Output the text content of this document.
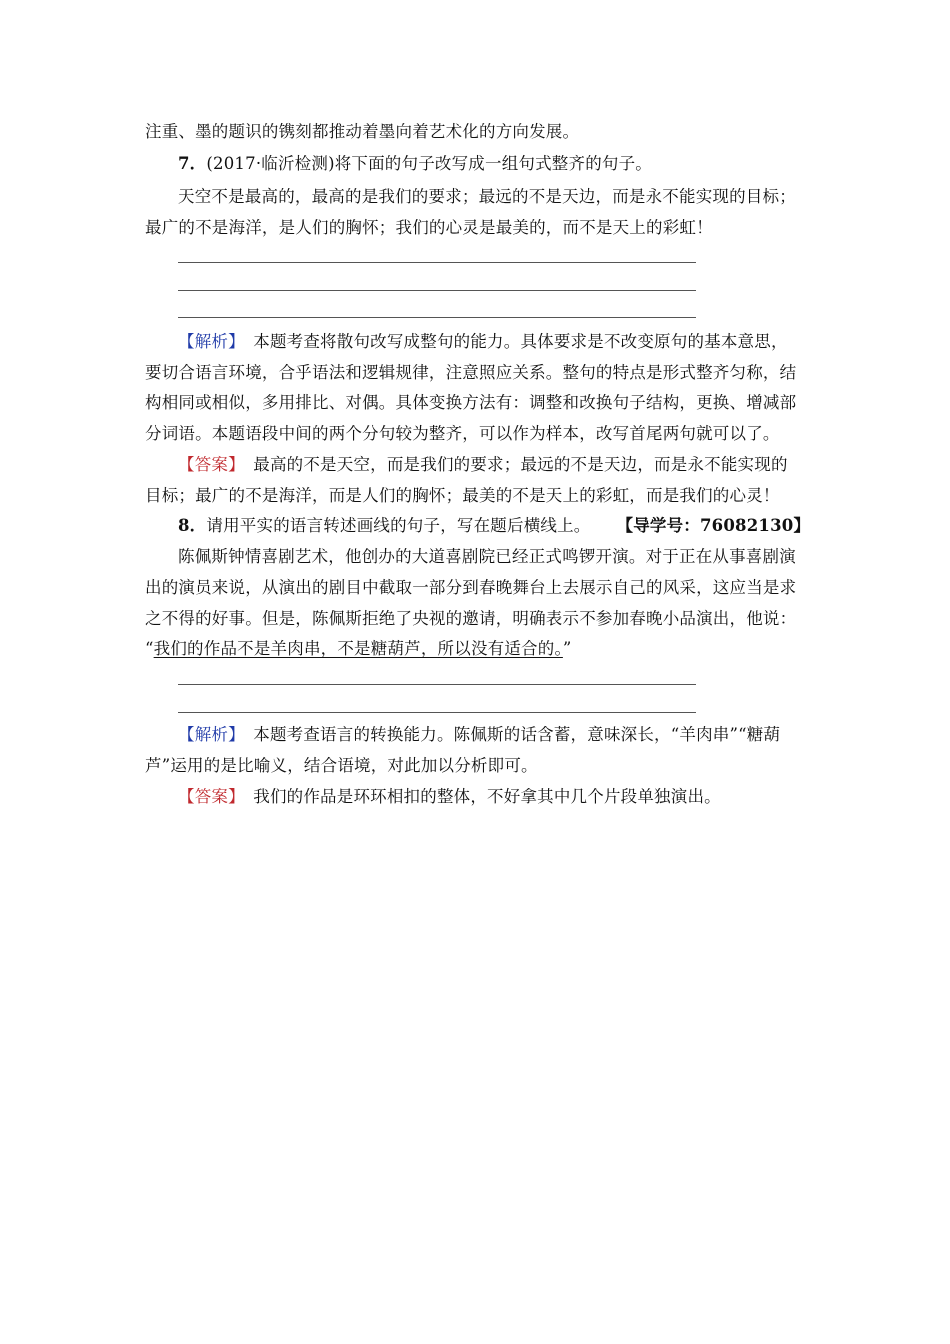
注重、墨的题识的镌刻都推动着墨向着艺术化的方向发展。
7．(2017·临沂检测)将下面的句子改写成一组句式整齐的句子。
天空不是最高的，最高的是我们的要求；最远的不是天边，而是永不能实现的目标；
最广的不是海洋，是人们的胸怀；我们的心灵是最美的，而不是天上的彩虹！
【解析】　本题考查将散句改写成整句的能力。具体要求是不改变原句的基本意思，
要切合语言环境，合乎语法和逻辑规律，注意照应关系。整句的特点是形式整齐匀称，结
构相同或相似，多用排比、对偶。具体变换方法有：调整和改换句子结构，更换、增减部
分词语。本题语段中间的两个分句较为整齐，可以作为样本，改写首尾两句就可以了。
【答案】　最高的不是天空，而是我们的要求；最远的不是天边，而是永不能实现的
目标；最广的不是海洋，而是人们的胸怀；最美的不是天上的彩虹，而是我们的心灵！
8．请用平实的语言转述画线的句子，写在题后横线上。 【导学号：76082130】
陈佩斯钟情喜剧艺术，他创办的大道喜剧院已经正式鸣锣开演。对于正在从事喜剧演
出的演员来说，从演出的剧目中截取一部分到春晚舞台上去展示自己的风采，这应当是求
之不得的好事。但是，陈佩斯拒绝了央视的邀请，明确表示不参加春晚小品演出，他说：
“我们的作品不是羊肉串，不是糖葫芦，所以没有适合的。”
【解析】　本题考查语言的转换能力。陈佩斯的话含蓄，意味深长，“羊肉串”“糖葫
芦”运用的是比喻义，结合语境，对此加以分析即可。
【答案】　我们的作品是环环相扣的整体，不好拿其中几个片段单独演出。
